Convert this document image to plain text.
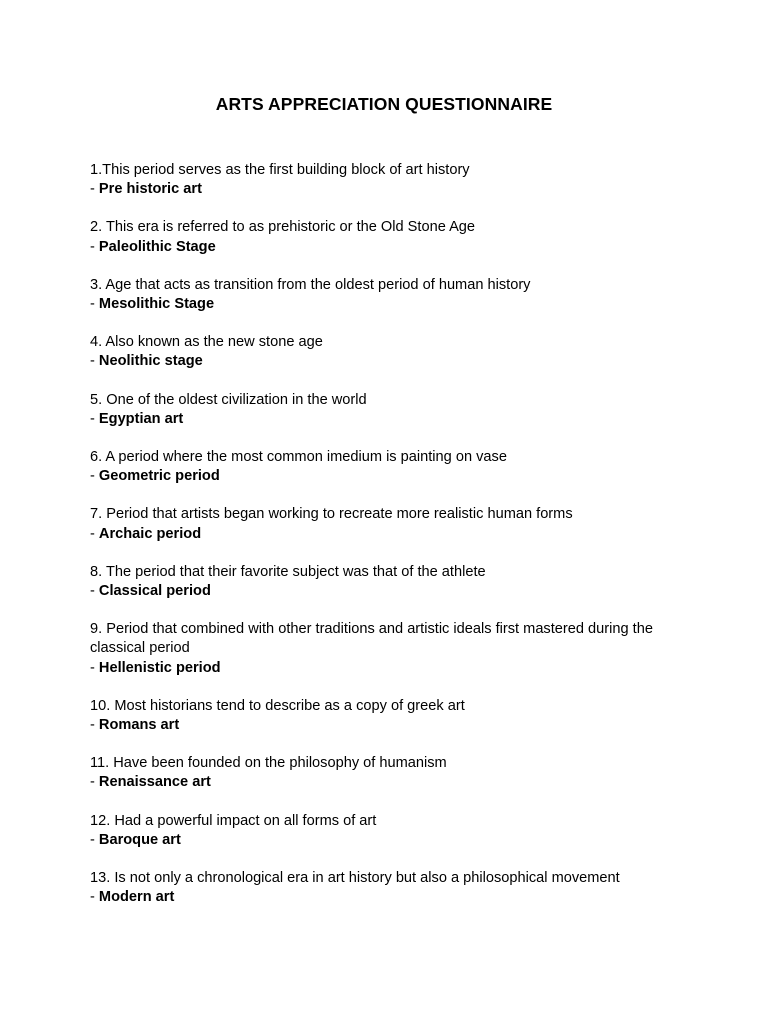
ARTS APPRECIATION QUESTIONNAIRE

1.This period serves as the first building block of art history

- Pre historic art

2. This era is referred to as prehistoric or the Old Stone Age

- Paleolithic Stage

3. Age that acts as transition from the oldest period of human history

- Mesolithic Stage

4. Also known as the new stone age

- Neolithic stage

5. One of the oldest civilization in the world

- Egyptian art

6. A period where the most common imedium is painting on vase

- Geometric period

7. Period that artists began working to recreate more realistic human forms

- Archaic period

8. The period that their favorite subject was that of the athlete

- Classical period

9. Period that combined with other traditions and artistic ideals first mastered during the classical period

- Hellenistic period

10. Most historians tend to describe as a copy of greek art

- Romans art

11. Have been founded on the philosophy of humanism

- Renaissance art

12. Had a powerful impact on all forms of art

- Baroque art

13. Is not only a chronological era in art history but also a philosophical movement

- Modern art
